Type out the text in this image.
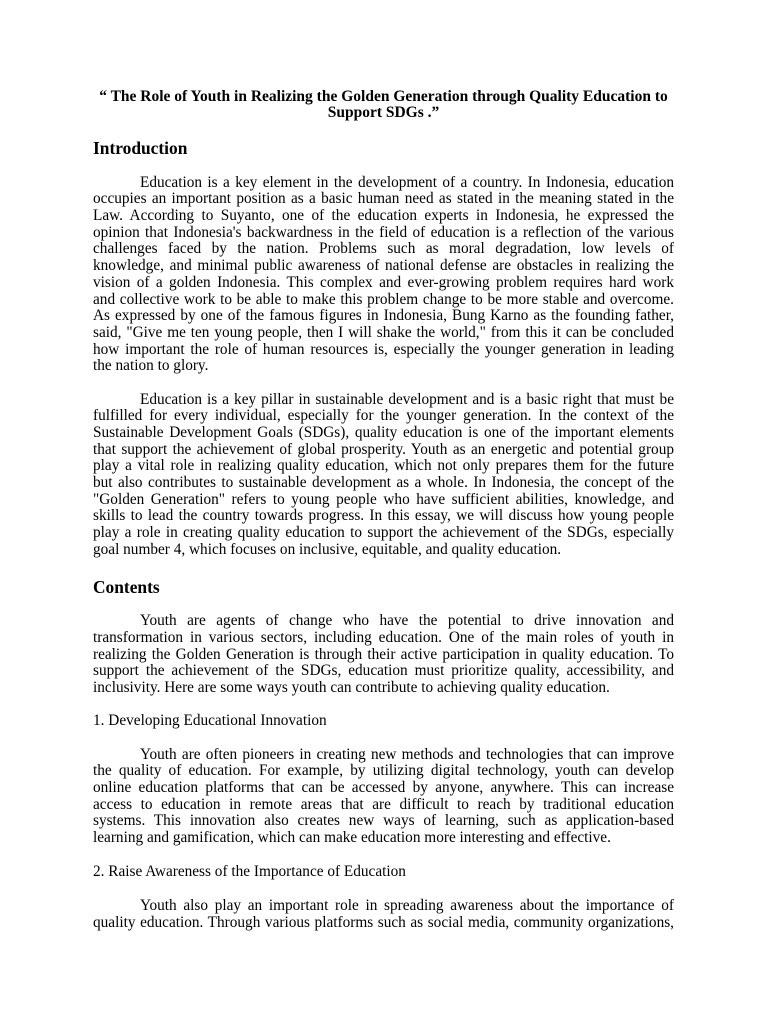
“ The Role of Youth in Realizing the Golden Generation through Quality Education to
Support SDGs .”
Introduction
Education is a key element in the development of a country. In Indonesia, education
occupies an important position as a basic human need as stated in the meaning stated in the
Law. According to Suyanto, one of the education experts in Indonesia, he expressed the
opinion that Indonesia's backwardness in the field of education is a reflection of the various
challenges faced by the nation. Problems such as moral degradation, low levels of
knowledge, and minimal public awareness of national defense are obstacles in realizing the
vision of a golden Indonesia. This complex and ever-growing problem requires hard work
and collective work to be able to make this problem change to be more stable and overcome.
As expressed by one of the famous figures in Indonesia, Bung Karno as the founding father,
said, "Give me ten young people, then I will shake the world," from this it can be concluded
how important the role of human resources is, especially the younger generation in leading
the nation to glory.
Education is a key pillar in sustainable development and is a basic right that must be
fulfilled for every individual, especially for the younger generation. In the context of the
Sustainable Development Goals (SDGs), quality education is one of the important elements
that support the achievement of global prosperity. Youth as an energetic and potential group
play a vital role in realizing quality education, which not only prepares them for the future
but also contributes to sustainable development as a whole. In Indonesia, the concept of the
"Golden Generation" refers to young people who have sufficient abilities, knowledge, and
skills to lead the country towards progress. In this essay, we will discuss how young people
play a role in creating quality education to support the achievement of the SDGs, especially
goal number 4, which focuses on inclusive, equitable, and quality education.
Contents
Youth are agents of change who have the potential to drive innovation and
transformation in various sectors, including education. One of the main roles of youth in
realizing the Golden Generation is through their active participation in quality education. To
support the achievement of the SDGs, education must prioritize quality, accessibility, and
inclusivity. Here are some ways youth can contribute to achieving quality education.
1. Developing Educational Innovation
Youth are often pioneers in creating new methods and technologies that can improve
the quality of education. For example, by utilizing digital technology, youth can develop
online education platforms that can be accessed by anyone, anywhere. This can increase
access to education in remote areas that are difficult to reach by traditional education
systems. This innovation also creates new ways of learning, such as application-based
learning and gamification, which can make education more interesting and effective.
2. Raise Awareness of the Importance of Education
Youth also play an important role in spreading awareness about the importance of
quality education. Through various platforms such as social media, community organizations,
